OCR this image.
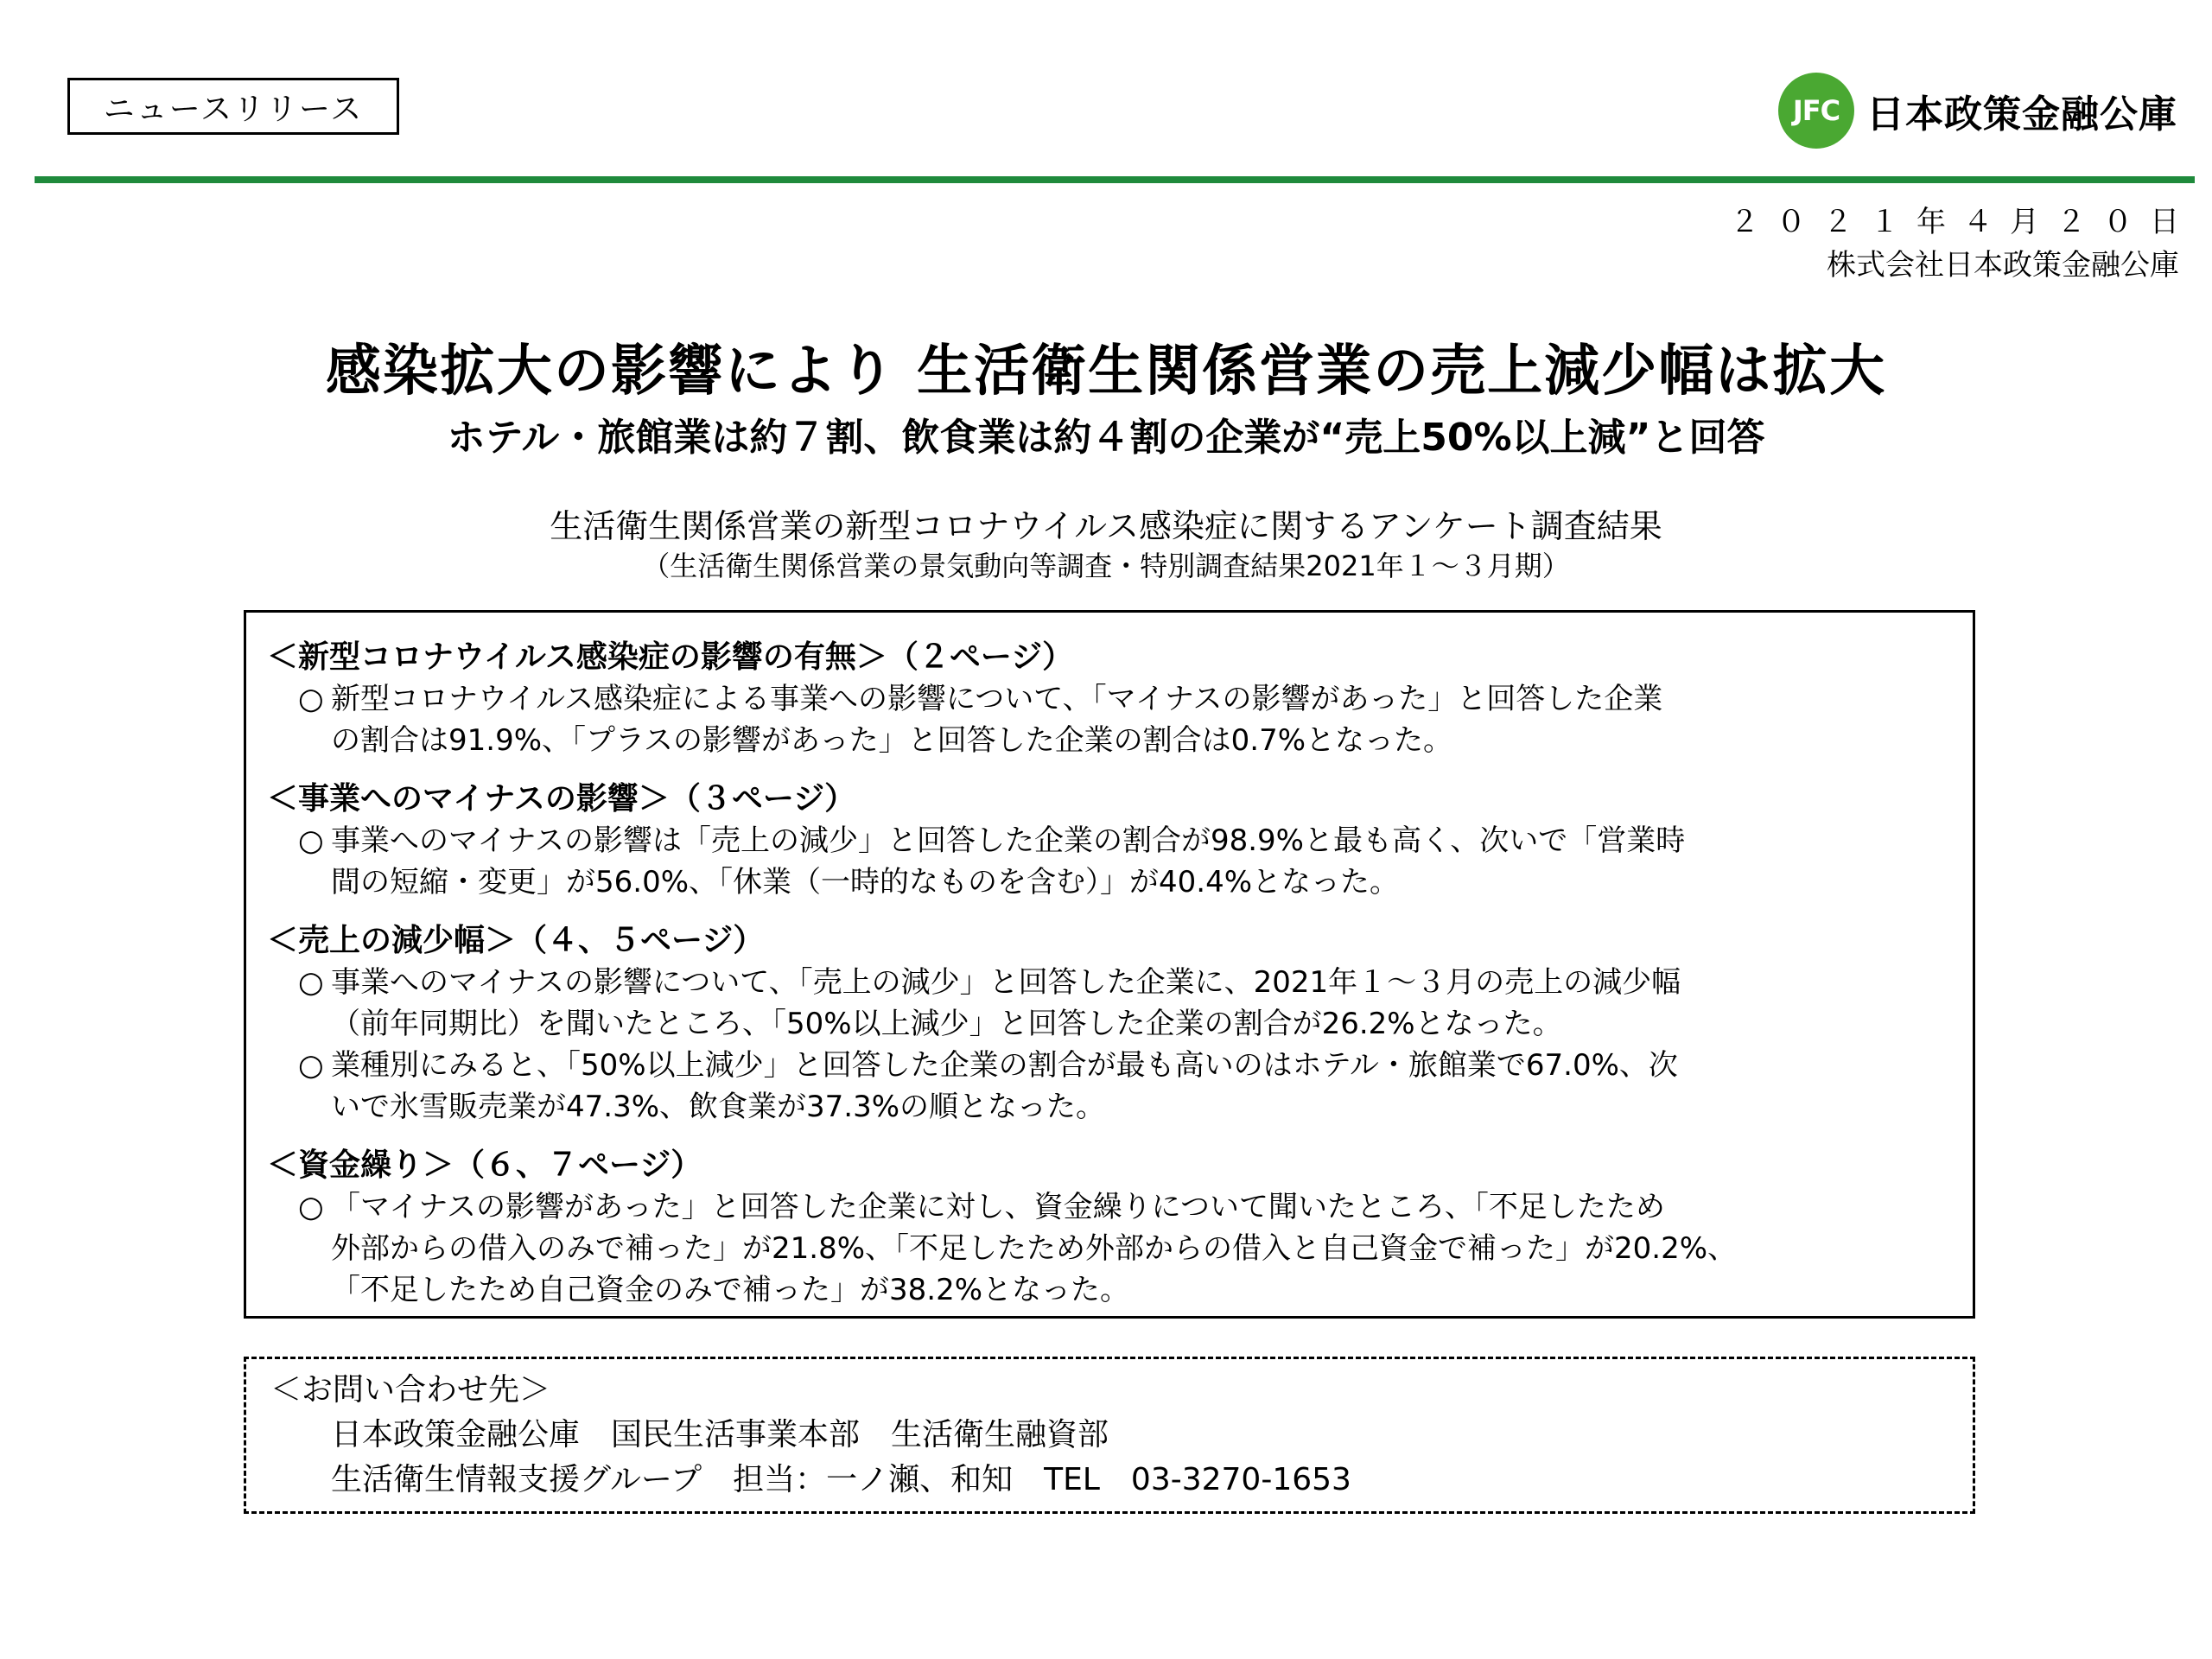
ニュースリリース	JFC 日本政策金融公庫
２０２１年４月２０日
株式会社日本政策金融公庫
感染拡大の影響により 生活衛生関係営業の売上減少幅は拡大
ホテル・旅館業は約７割、飲食業は約４割の企業が“売上50%以上減”と回答
生活衛生関係営業の新型コロナウイルス感染症に関するアンケート調査結果
（生活衛生関係営業の景気動向等調査・特別調査結果2021年１～３月期）
＜新型コロナウイルス感染症の影響の有無＞（２ページ）
○ 新型コロナウイルス感染症による事業への影響について、「マイナスの影響があった」と回答した企業
の割合は91.9%、「プラスの影響があった」と回答した企業の割合は0.7%となった。
＜事業へのマイナスの影響＞（３ページ）
○ 事業へのマイナスの影響は「売上の減少」と回答した企業の割合が98.9%と最も高く、次いで「営業時
間の短縮・変更」が56.0%、「休業（一時的なものを含む）」が40.4%となった。
＜売上の減少幅＞（４、５ページ）
○ 事業へのマイナスの影響について、「売上の減少」と回答した企業に、2021年１～３月の売上の減少幅
（前年同期比）を聞いたところ、「50%以上減少」と回答した企業の割合が26.2%となった。
○ 業種別にみると、「50%以上減少」と回答した企業の割合が最も高いのはホテル・旅館業で67.0%、次
いで氷雪販売業が47.3%、飲食業が37.3%の順となった。
＜資金繰り＞（６、７ページ）
○ 「マイナスの影響があった」と回答した企業に対し、資金繰りについて聞いたところ、「不足したため
外部からの借入のみで補った」が21.8%、「不足したため外部からの借入と自己資金で補った」が20.2%、
「不足したため自己資金のみで補った」が38.2%となった。
＜お問い合わせ先＞
日本政策金融公庫　国民生活事業本部　生活衛生融資部
生活衛生情報支援グループ　担当：一ノ瀬、和知　TEL　03-3270-1653
